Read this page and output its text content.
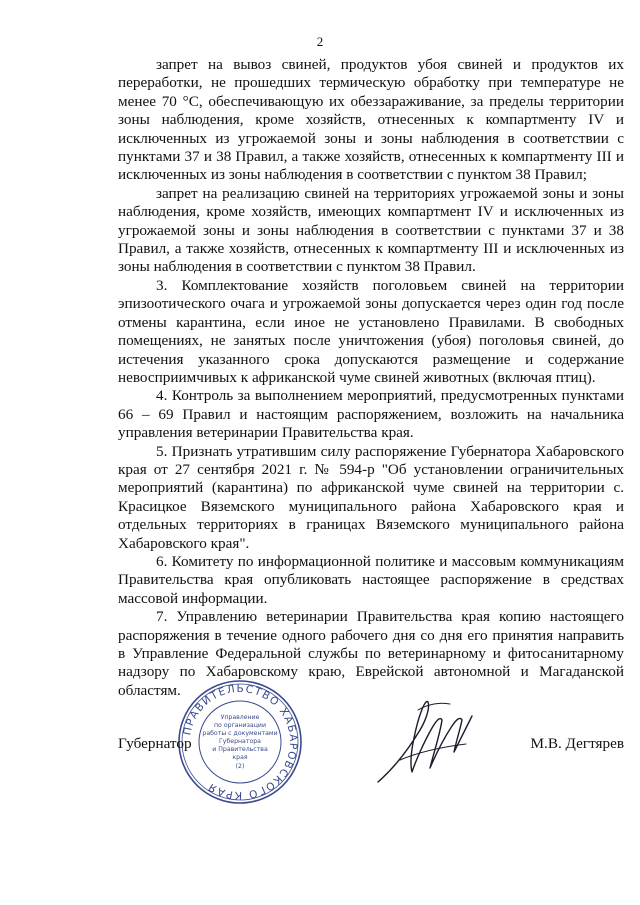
2

запрет на вывоз свиней, продуктов убоя свиней и продуктов их переработки, не прошедших термическую обработку при температуре не менее 70 °С, обеспечивающую их обеззараживание, за пределы территории зоны наблюдения, кроме хозяйств, отнесенных к компартменту IV и исключенных из угрожаемой зоны и зоны наблюдения в соответствии с пунктами 37 и 38 Правил, а также хозяйств, отнесенных к компартменту III и исключенных из зоны наблюдения в соответствии с пунктом 38 Правил;

запрет на реализацию свиней на территориях угрожаемой зоны и зоны наблюдения, кроме хозяйств, имеющих компартмент IV и исключенных из угрожаемой зоны и зоны наблюдения в соответствии с пунктами 37 и 38 Правил, а также хозяйств, отнесенных к компартменту III и исключенных из зоны наблюдения в соответствии с пунктом 38 Правил.

3. Комплектование хозяйств поголовьем свиней на территории эпизоотического очага и угрожаемой зоны допускается через один год после отмены карантина, если иное не установлено Правилами. В свободных помещениях, не занятых после уничтожения (убоя) поголовья свиней, до истечения указанного срока допускаются размещение и содержание невосприимчивых к африканской чуме свиней животных (включая птиц).

4. Контроль за выполнением мероприятий, предусмотренных пунктами 66 – 69 Правил и настоящим распоряжением, возложить на начальника управления ветеринарии Правительства края.

5. Признать утратившим силу распоряжение Губернатора Хабаровского края от 27 сентября 2021 г. № 594-р "Об установлении ограничительных мероприятий (карантина) по африканской чуме свиней на территории с. Красицкое Вяземского муниципального района Хабаровского края и отдельных территориях в границах Вяземского муниципального района Хабаровского края".

6. Комитету по информационной политике и массовым коммуникациям Правительства края опубликовать настоящее распоряжение в средствах массовой информации.

7. Управлению ветеринарии Правительства края копию настоящего распоряжения в течение одного рабочего дня со дня его принятия направить в Управление Федеральной службы по ветеринарному и фитосанитарному надзору по Хабаровскому краю, Еврейской автономной и Магаданской областям.

ПРАВИТЕЛЬСТВО ХАБАРОВСКОГО КРАЯ
Управление
по организации
работы с документами
Губернатора
и Правительства
края
(2)
Губернатор	М.В. Дегтярев
